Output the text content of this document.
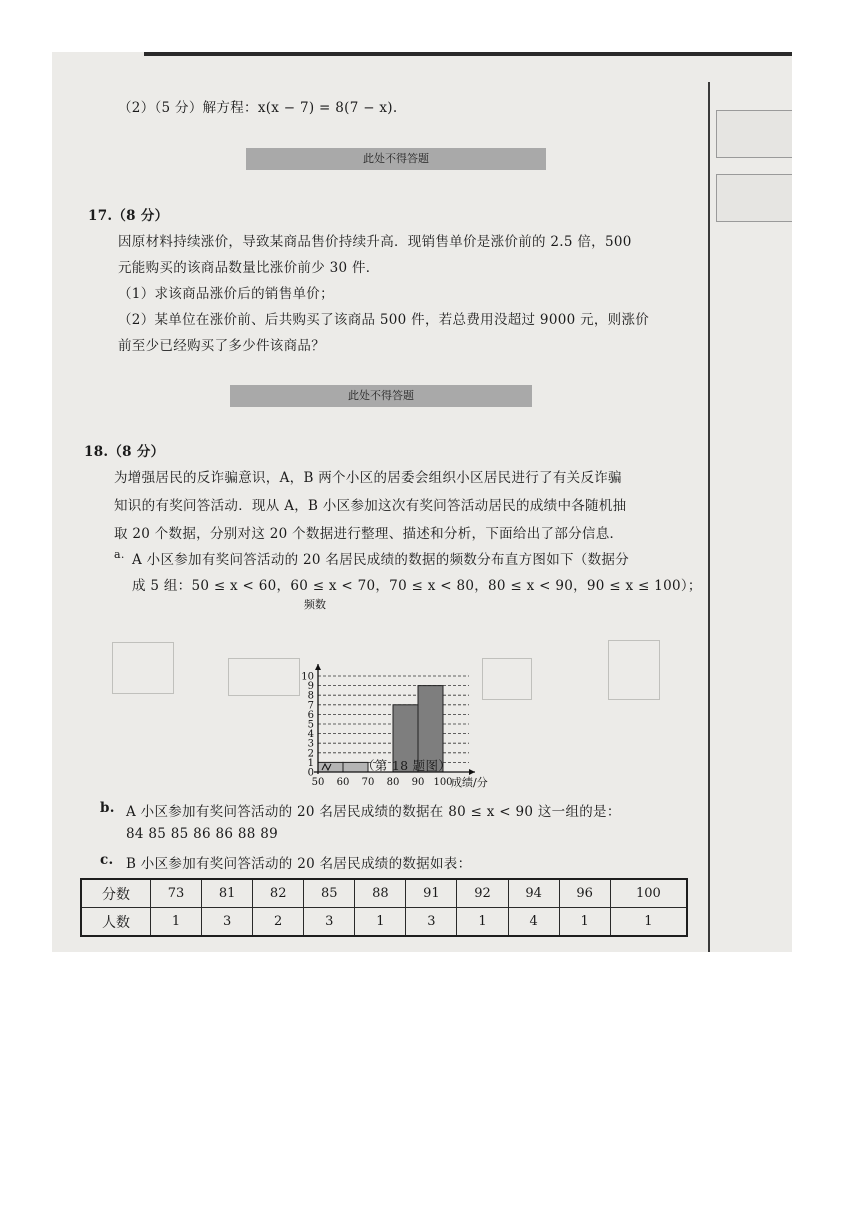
（2）（5 分）解方程：x(x − 7) = 8(7 − x).
此处不得答题
17.（8 分）
因原材料持续涨价，导致某商品售价持续升高．现销售单价是涨价前的 2.5 倍，500
元能购买的该商品数量比涨价前少 30 件．
（1）求该商品涨价后的销售单价；
（2）某单位在涨价前、后共购买了该商品 500 件，若总费用没超过 9000 元，则涨价
前至少已经购买了多少件该商品？
此处不得答题
18.（8 分）
为增强居民的反诈骗意识，A，B 两个小区的居委会组织小区居民进行了有关反诈骗
知识的有奖问答活动．现从 A，B 小区参加这次有奖问答活动居民的成绩中各随机抽
取 20 个数据，分别对这 20 个数据进行整理、描述和分析，下面给出了部分信息．
a. A 小区参加有奖问答活动的 20 名居民成绩的数据的频数分布直方图如下（数据分
成 5 组：50 ≤ x < 60，60 ≤ x < 70，70 ≤ x < 80，80 ≤ x < 90，90 ≤ x ≤ 100）；
0
1
2
3
4
5
6
7
8
9
10
50 60 70 80 90 100
频数
成绩/分
（第 18 题图）
b. A 小区参加有奖问答活动的 20 名居民成绩的数据在 80 ≤ x < 90 这一组的是：
84 85 85 86 86 88 89
c. B 小区参加有奖问答活动的 20 名居民成绩的数据如表：
分数	73	81	82	85	88	91	92	94	96	100
人数	1	3	2	3	1	3	1	4	1	1
